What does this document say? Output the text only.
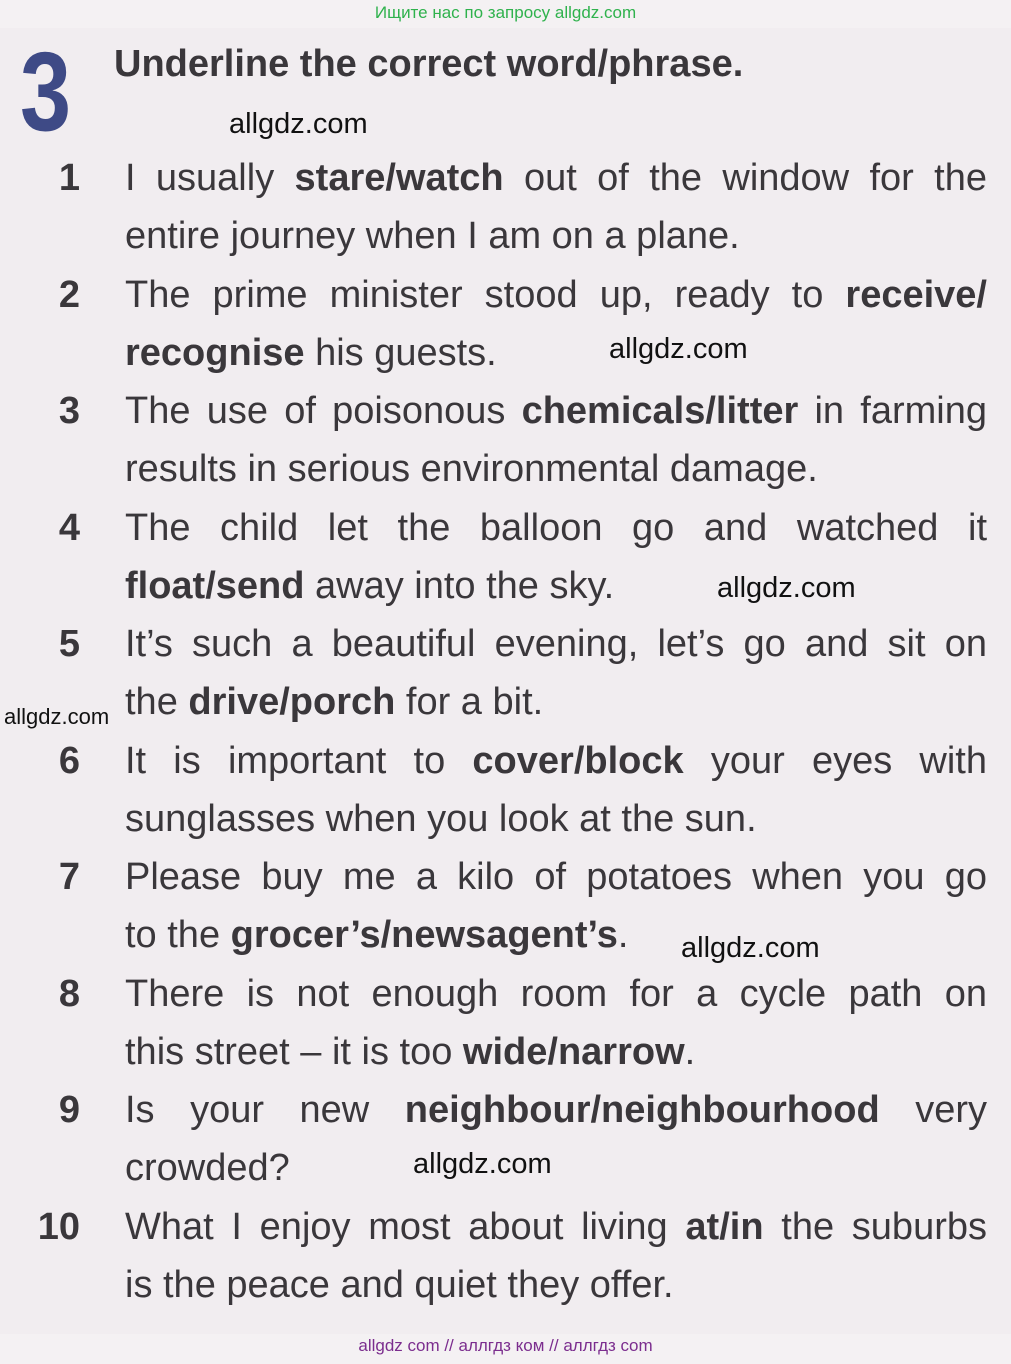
Ищите нас по запросу allgdz.com
3 Underline the correct word/phrase.
1 I usually stare/watch out of the window for the
entire journey when I am on a plane.
2 The prime minister stood up, ready to receive/
recognise his guests.
3 The use of poisonous chemicals/litter in farming
results in serious environmental damage.
4 The child let the balloon go and watched it
float/send away into the sky.
5 It’s such a beautiful evening, let’s go and sit on
the drive/porch for a bit.
6 It is important to cover/block your eyes with
sunglasses when you look at the sun.
7 Please buy me a kilo of potatoes when you go
to the grocer’s/newsagent’s.
8 There is not enough room for a cycle path on
this street – it is too wide/narrow.
9 Is your new neighbour/neighbourhood very
crowded?
10 What I enjoy most about living at/in the suburbs
is the peace and quiet they offer.
allgdz.com
allgdz.com
allgdz.com
allgdz.com
allgdz.com
allgdz.com
allgdz com // аллгдз ком // аллгдз com
